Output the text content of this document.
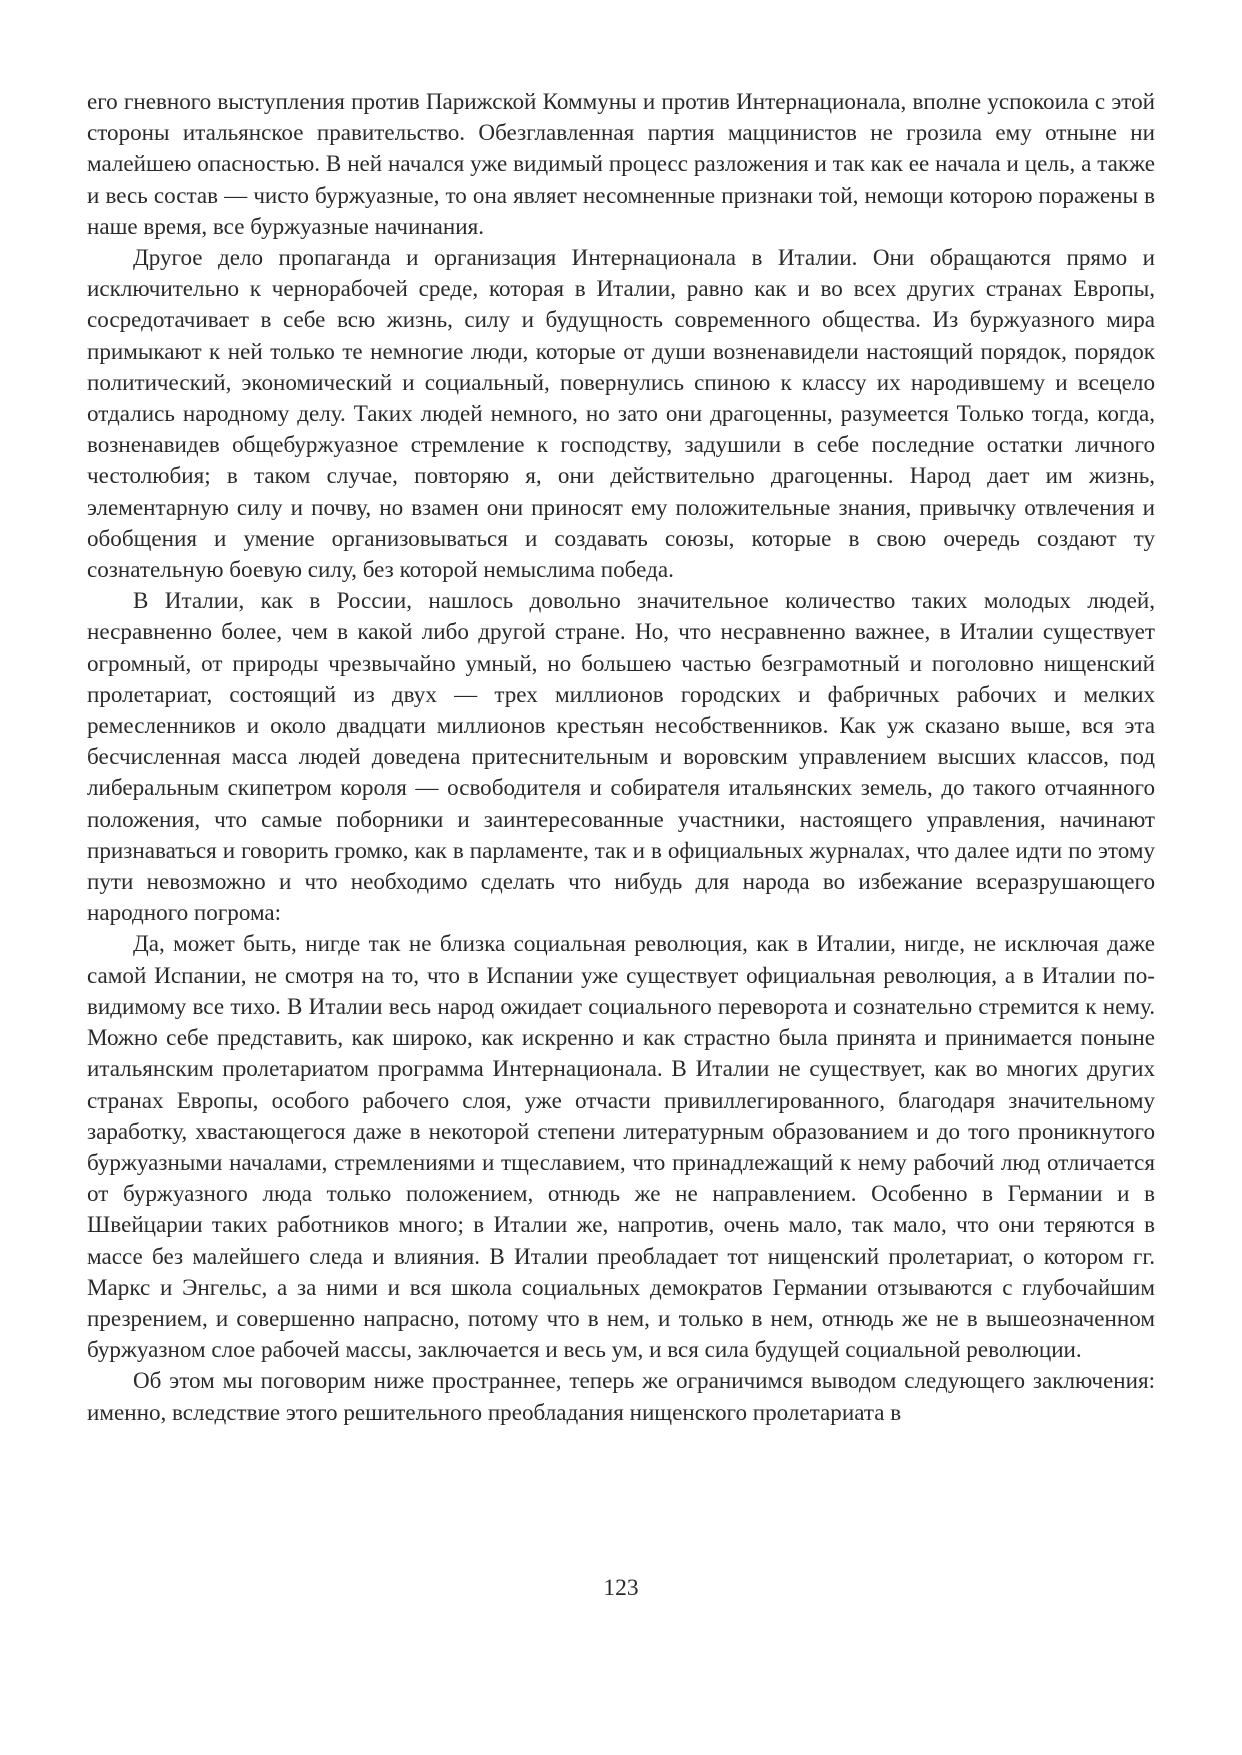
его гневного выступления против Парижской Коммуны и против Интернационала, вполне успокоила с этой стороны итальянское правительство. Обезглавленная партия маццинистов не грозила ему отныне ни малейшею опасностью. В ней начался уже видимый процесс разложения и так как ее начала и цель, а также и весь состав — чисто буржуазные, то она являет несомненные признаки той, немощи которою поражены в наше время, все буржуазные начинания.

Другое дело пропаганда и организация Интернационала в Италии. Они обращаются прямо и исключительно к чернорабочей среде, которая в Италии, равно как и во всех других странах Европы, сосредотачивает в себе всю жизнь, силу и будущность современного общества. Из буржуазного мира примыкают к ней только те немногие люди, которые от души возненавидели настоящий порядок, порядок политический, экономический и социальный, повернулись спиною к классу их народившему и всецело отдались народному делу. Таких людей немного, но зато они драгоценны, разумеется Только тогда, когда, возненавидев общебуржуазное стремление к господству, задушили в себе последние остатки личного честолюбия; в таком случае, повторяю я, они действительно драгоценны. Народ дает им жизнь, элементарную силу и почву, но взамен они приносят ему положительные знания, привычку отвлечения и обобщения и умение организовываться и создавать союзы, которые в свою очередь создают ту сознательную боевую силу, без которой немыслима победа.

В Италии, как в России, нашлось довольно значительное количество таких молодых людей, несравненно более, чем в какой либо другой стране. Но, что несравненно важнее, в Италии существует огромный, от природы чрезвычайно умный, но большею частью безграмотный и поголовно нищенский пролетариат, состоящий из двух — трех миллионов городских и фабричных рабочих и мелких ремесленников и около двадцати миллионов крестьян несобственников. Как уж сказано выше, вся эта бесчисленная масса людей доведена притеснительным и воровским управлением высших классов, под либеральным скипетром короля — освободителя и собирателя итальянских земель, до такого отчаянного положения, что самые поборники и заинтересованные участники, настоящего управления, начинают признаваться и говорить громко, как в парламенте, так и в официальных журналах, что далее идти по этому пути невозможно и что необходимо сделать что нибудь для народа во избежание всеразрушающего народного погрома:

Да, может быть, нигде так не близка социальная революция, как в Италии, нигде, не исключая даже самой Испании, не смотря на то, что в Испании уже существует официальная революция, а в Италии по-видимому все тихо. В Италии весь народ ожидает социального переворота и сознательно стремится к нему. Можно себе представить, как широко, как искренно и как страстно была принята и принимается поныне итальянским пролетариатом программа Интернационала. В Италии не существует, как во многих других странах Европы, особого рабочего слоя, уже отчасти привиллегированного, благодаря значительному заработку, хвастающегося даже в некоторой степени литературным образованием и до того проникнутого буржуазными началами, стремлениями и тщеславием, что принадлежащий к нему рабочий люд отличается от буржуазного люда только положением, отнюдь же не направлением. Особенно в Германии и в Швейцарии таких работников много; в Италии же, напротив, очень мало, так мало, что они теряются в массе без малейшего следа и влияния. В Италии преобладает тот нищенский пролетариат, о котором гг. Маркс и Энгельс, а за ними и вся школа социальных демократов Германии отзываются с глубочайшим презрением, и совершенно напрасно, потому что в нем, и только в нем, отнюдь же не в вышеозначенном буржуазном слое рабочей массы, заключается и весь ум, и вся сила будущей социальной революции.

Об этом мы поговорим ниже пространнее, теперь же ограничимся выводом следующего заключения: именно, вследствие этого решительного преобладания нищенского пролетариата в

123
